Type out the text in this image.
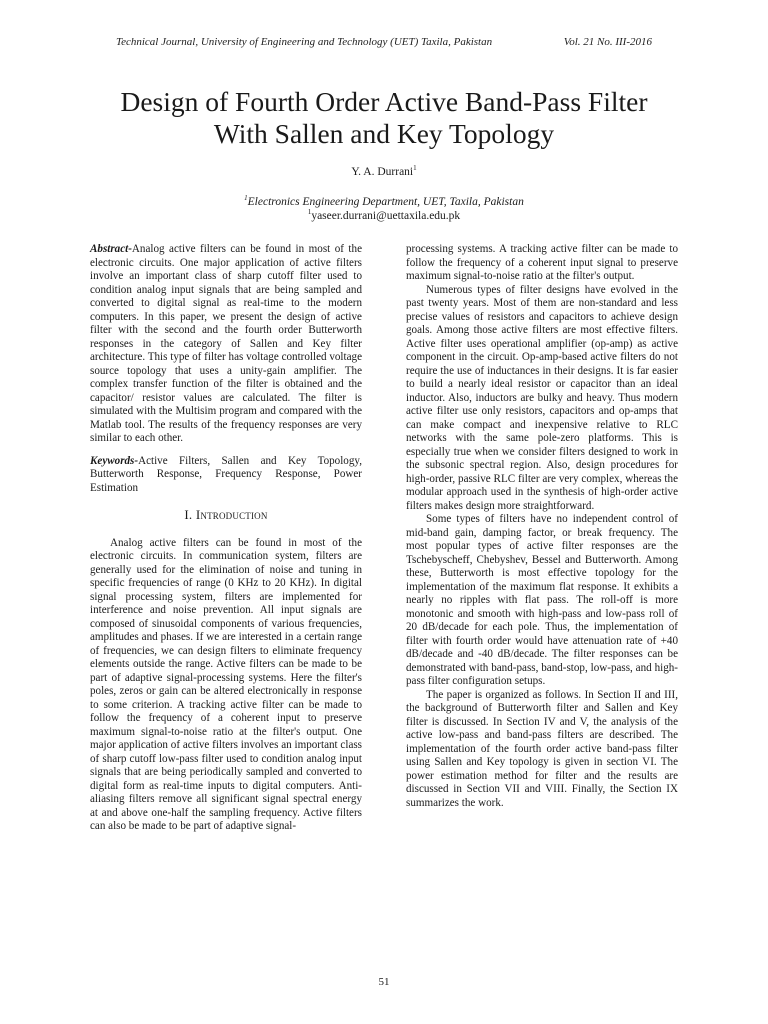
Technical Journal, University of Engineering and Technology (UET) Taxila, Pakistan	Vol. 21 No. III-2016
Design of Fourth Order Active Band-Pass Filter
With Sallen and Key Topology
Y. A. Durrani$^1$
$^1$Electronics Engineering Department, UET, Taxila, Pakistan
$^1$yaseer.durrani@uettaxila.edu.pk

Abstract-Analog active filters can be found in most of the electronic circuits. One major application of active filters involve an important class of sharp cutoff filter used to condition analog input signals that are being sampled and converted to digital signal as real-time to the modern computers. In this paper, we present the design of active filter with the second and the fourth order Butterworth responses in the category of Sallen and Key filter architecture. This type of filter has voltage controlled voltage source topology that uses a unity-gain amplifier. The complex transfer function of the filter is obtained and the capacitor/ resistor values are calculated. The filter is simulated with the Multisim program and compared with the Matlab tool. The results of the frequency responses are very similar to each other.

Keywords-Active Filters, Sallen and Key Topology, Butterworth Response, Frequency Response, Power Estimation

I. Introduction

Analog active filters can be found in most of the electronic circuits. In communication system, filters are generally used for the elimination of noise and tuning in specific frequencies of range (0 KHz to 20 KHz). In digital signal processing system, filters are implemented for interference and noise prevention. All input signals are composed of sinusoidal components of various frequencies, amplitudes and phases. If we are interested in a certain range of frequencies, we can design filters to eliminate frequency elements outside the range. Active filters can be made to be part of adaptive signal-processing systems. Here the filter's poles, zeros or gain can be altered electronically in response to some criterion. A tracking active filter can be made to follow the frequency of a coherent input to preserve maximum signal-to-noise ratio at the filter's output. One major application of active filters involves an important class of sharp cutoff low-pass filter used to condition analog input signals that are being periodically sampled and converted to digital form as real-time inputs to digital computers. Anti-aliasing filters remove all significant signal spectral energy at and above one-half the sampling frequency. Active filters can also be made to be part of adaptive signal-

processing systems. A tracking active filter can be made to follow the frequency of a coherent input signal to preserve maximum signal-to-noise ratio at the filter's output.

Numerous types of filter designs have evolved in the past twenty years. Most of them are non-standard and less precise values of resistors and capacitors to achieve design goals. Among those active filters are most effective filters. Active filter uses operational amplifier (op-amp) as active component in the circuit. Op-amp-based active filters do not require the use of inductances in their designs. It is far easier to build a nearly ideal resistor or capacitor than an ideal inductor. Also, inductors are bulky and heavy. Thus modern active filter use only resistors, capacitors and op-amps that can make compact and inexpensive relative to RLC networks with the same pole-zero platforms. This is especially true when we consider filters designed to work in the subsonic spectral region. Also, design procedures for high-order, passive RLC filter are very complex, whereas the modular approach used in the synthesis of high-order active filters makes design more straightforward.

Some types of filters have no independent control of mid-band gain, damping factor, or break frequency. The most popular types of active filter responses are the Tschebyscheff, Chebyshev, Bessel and Butterworth. Among these, Butterworth is most effective topology for the implementation of the maximum flat response. It exhibits a nearly no ripples with flat pass. The roll-off is more monotonic and smooth with high-pass and low-pass roll of 20 dB/decade for each pole. Thus, the implementation of filter with fourth order would have attenuation rate of +40 dB/decade and -40 dB/decade. The filter responses can be demonstrated with band-pass, band-stop, low-pass, and high-pass filter configuration setups.

The paper is organized as follows. In Section II and III, the background of Butterworth filter and Sallen and Key filter is discussed. In Section IV and V, the analysis of the active low-pass and band-pass filters are described. The implementation of the fourth order active band-pass filter using Sallen and Key topology is given in section VI. The power estimation method for filter and the results are discussed in Section VII and VIII. Finally, the Section IX summarizes the work.

51
